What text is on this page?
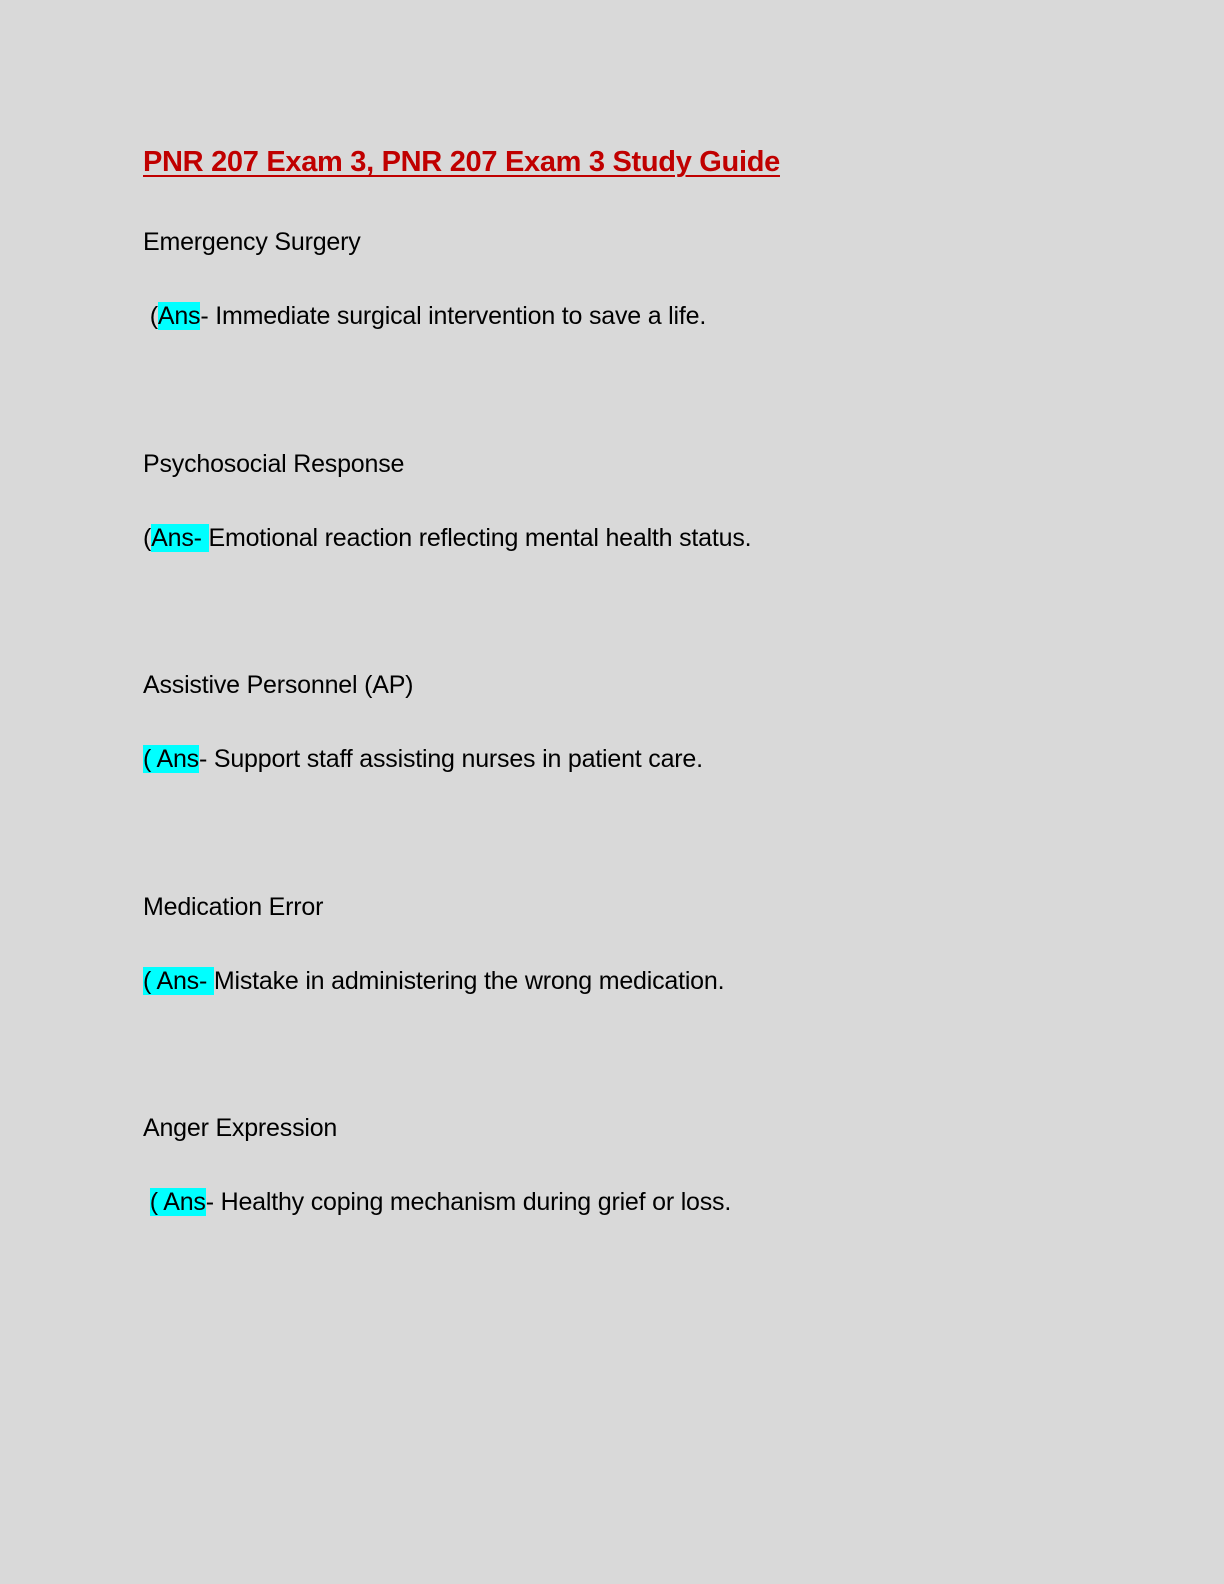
PNR 207 Exam 3, PNR 207 Exam 3 Study Guide
Emergency Surgery
(Ans- Immediate surgical intervention to save a life.
Psychosocial Response
(Ans- Emotional reaction reflecting mental health status.
Assistive Personnel (AP)
( Ans- Support staff assisting nurses in patient care.
Medication Error
( Ans- Mistake in administering the wrong medication.
Anger Expression
( Ans- Healthy coping mechanism during grief or loss.
